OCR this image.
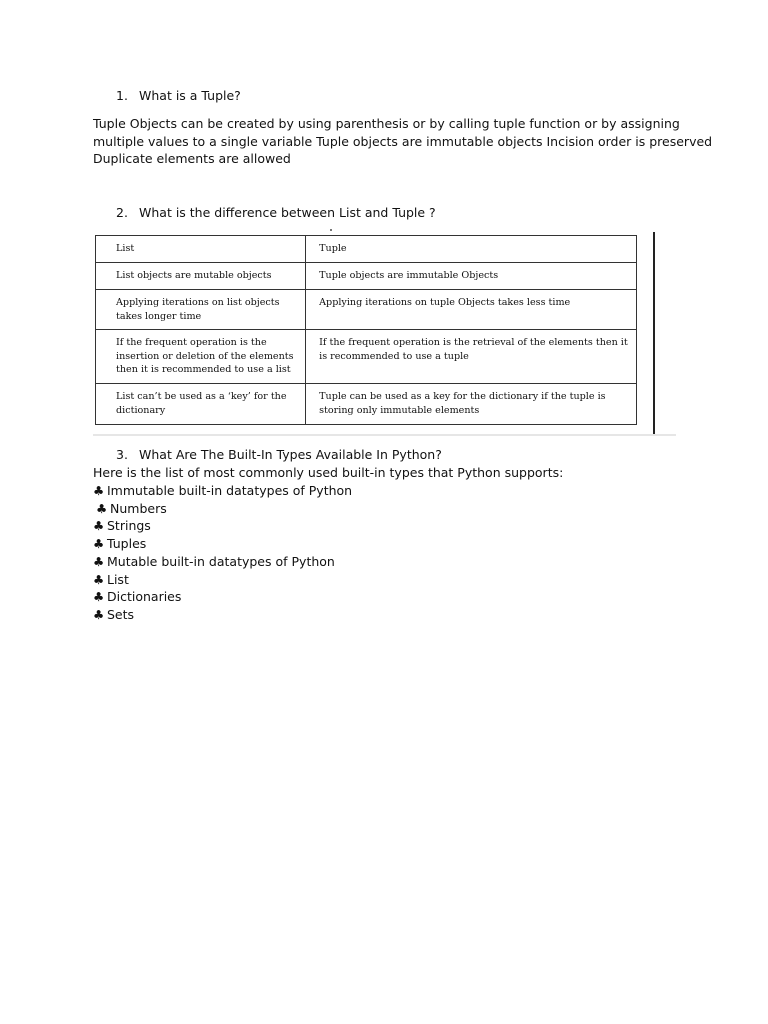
1. What is a Tuple?
Tuple Objects can be created by using parenthesis or by calling tuple function or by assigning
multiple values to a single variable Tuple objects are immutable objects Incision order is preserved
Duplicate elements are allowed
2. What is the difference between List and Tuple ?
List	Tuple
List objects are mutable objects	Tuple objects are immutable Objects
Applying iterations on list objects takes longer time	Applying iterations on tuple Objects takes less time
If the frequent operation is the insertion or deletion of the elements then it is recommended to use a list	If the frequent operation is the retrieval of the elements then it is recommended to use a tuple
List can’t be used as a ‘key’ for the dictionary	Tuple can be used as a key for the dictionary if the tuple is storing only immutable elements
3. What Are The Built-In Types Available In Python?
Here is the list of most commonly used built-in types that Python supports:
♣ Immutable built-in datatypes of Python
♣ Numbers
♣ Strings
♣ Tuples
♣ Mutable built-in datatypes of Python
♣ List
♣ Dictionaries
♣ Sets
